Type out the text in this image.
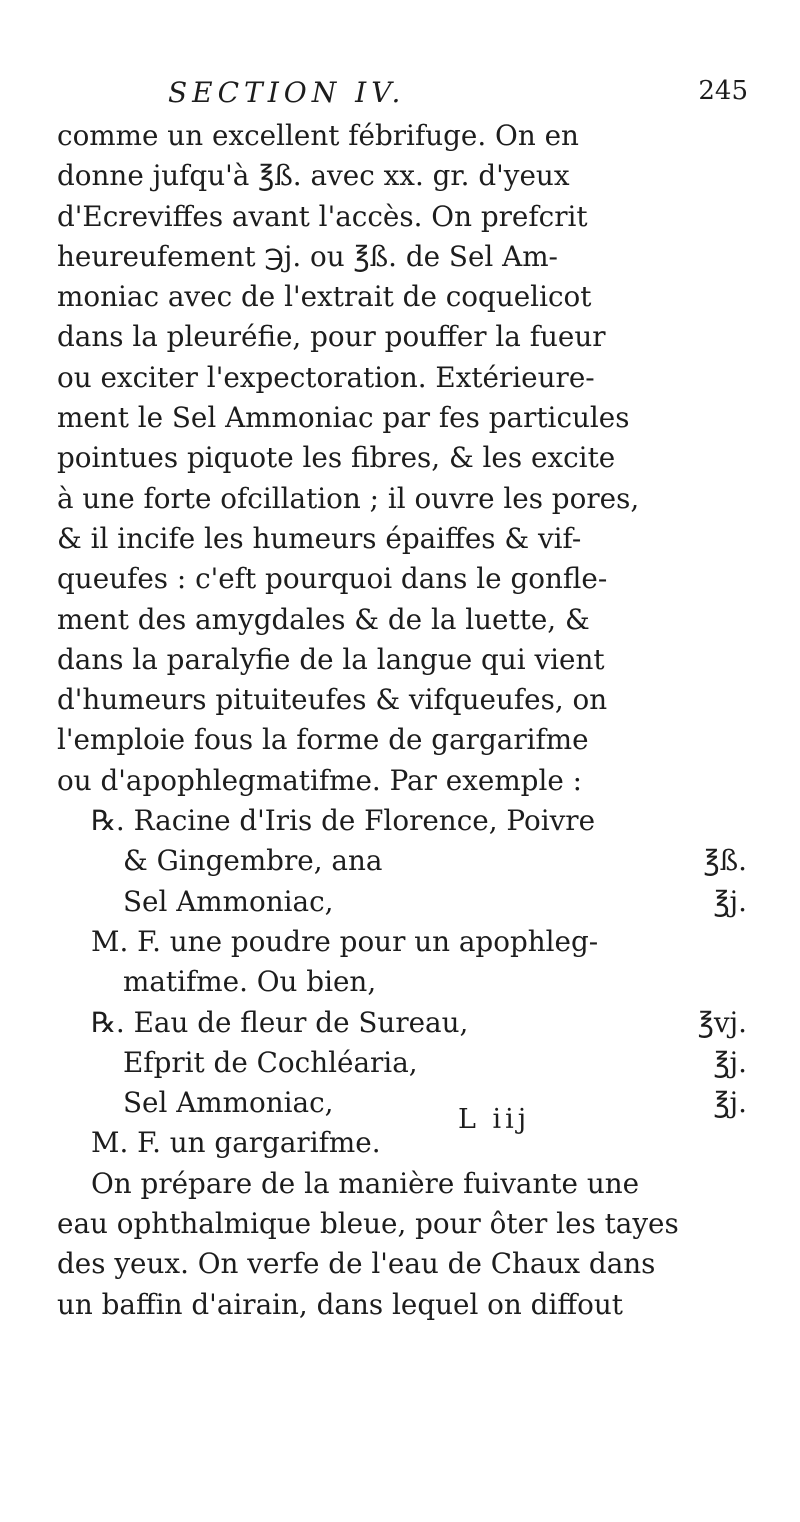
SECTION IV.	245
comme un excellent fébrifuge. On en
donne jufqu'à ℥ß. avec xx. gr. d'yeux
d'Ecreviffes avant l'accès. On prefcrit
heureufement ℈j. ou ℥ß. de Sel Am-
moniac avec de l'extrait de coquelicot
dans la pleuréfie, pour pouffer la fueur
ou exciter l'expectoration. Extérieure-
ment le Sel Ammoniac par fes particules
pointues piquote les fibres, & les excite
à une forte ofcillation ; il ouvre les pores,
& il incife les humeurs épaiffes & vif-
queufes : c'eft pourquoi dans le gonfle-
ment des amygdales & de la luette, &
dans la paralyfie de la langue qui vient
d'humeurs pituiteufes & vifqueufes, on
l'emploie fous la forme de gargarifme
ou d'apophlegmatifme. Par exemple :
℞. Racine d'Iris de Florence, Poivre
& Gingembre, ana	℥ß.
Sel Ammoniac,	℥j.
M. F. une poudre pour un apophleg-
matifme. Ou bien,
℞. Eau de fleur de Sureau,	℥vj.
Efprit de Cochléaria,	℥j.
Sel Ammoniac,	℥j.
M. F. un gargarifme.
On prépare de la manière fuivante une
eau ophthalmique bleue, pour ôter les tayes
des yeux. On verfe de l'eau de Chaux dans
un baffin d'airain, dans lequel on diffout
L iij
